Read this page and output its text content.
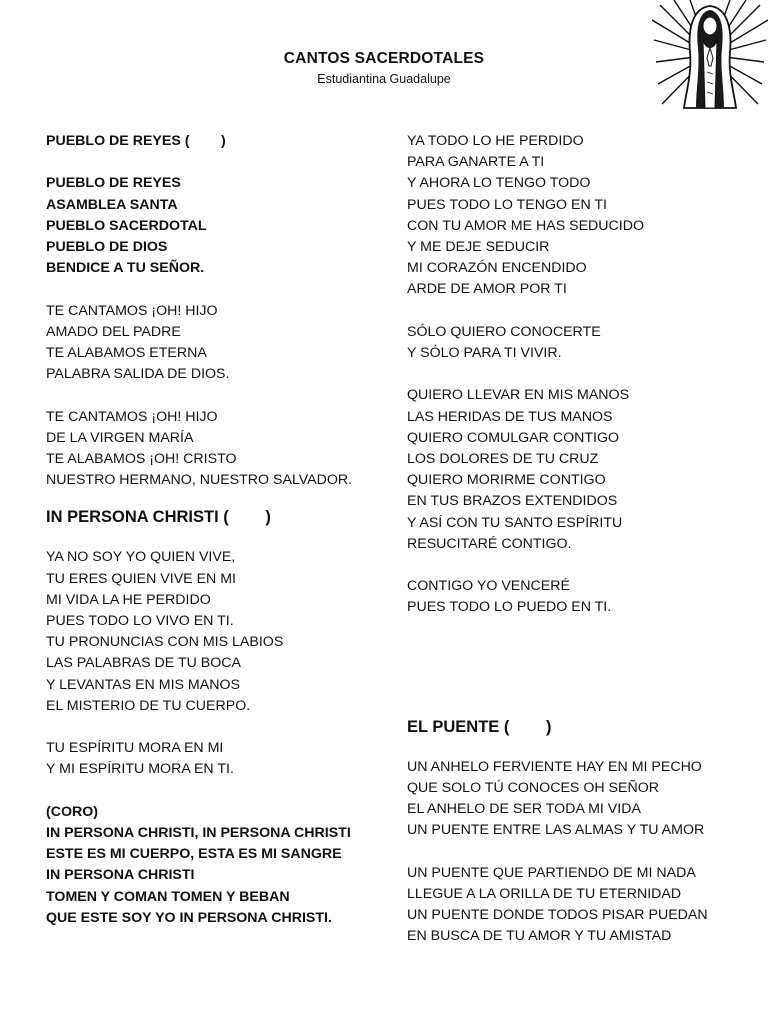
CANTOS SACERDOTALES
Estudiantina Guadalupe
PUEBLO DE REYES (        )
PUEBLO DE REYES
ASAMBLEA SANTA
PUEBLO SACERDOTAL
PUEBLO DE DIOS
BENDICE A TU SEÑOR.
TE CANTAMOS ¡OH! HIJO
AMADO DEL PADRE
TE ALABAMOS ETERNA
PALABRA SALIDA DE DIOS.
TE CANTAMOS ¡OH! HIJO
DE LA VIRGEN MARÍA
TE ALABAMOS ¡OH! CRISTO
NUESTRO HERMANO, NUESTRO SALVADOR.
IN PERSONA CHRISTI (        )
YA NO SOY YO QUIEN VIVE,
TU ERES QUIEN VIVE EN MI
MI VIDA LA HE PERDIDO
PUES TODO LO VIVO EN TI.
TU PRONUNCIAS CON MIS LABIOS
LAS PALABRAS DE TU BOCA
Y LEVANTAS EN MIS MANOS
EL MISTERIO DE TU CUERPO.
TU ESPÍRITU MORA EN MI
Y MI ESPÍRITU MORA EN TI.
(CORO)
IN PERSONA CHRISTI, IN PERSONA CHRISTI
ESTE ES MI CUERPO, ESTA ES MI SANGRE
IN PERSONA CHRISTI
TOMEN Y COMAN TOMEN Y BEBAN
QUE ESTE SOY YO IN PERSONA CHRISTI.
YA TODO LO HE PERDIDO
PARA GANARTE A TI
Y AHORA LO TENGO TODO
PUES TODO LO TENGO EN TI
CON TU AMOR ME HAS SEDUCIDO
Y ME DEJE SEDUCIR
MI CORAZÓN ENCENDIDO
ARDE DE AMOR POR TI
SÓLO QUIERO CONOCERTE
Y SÓLO PARA TI VIVIR.
QUIERO LLEVAR EN MIS MANOS
LAS HERIDAS DE TUS MANOS
QUIERO COMULGAR CONTIGO
LOS DOLORES DE TU CRUZ
QUIERO MORIRME CONTIGO
EN TUS BRAZOS EXTENDIDOS
Y ASÍ CON TU SANTO ESPÍRITU
RESUCITARÉ CONTIGO.
CONTIGO YO VENCERÉ
PUES TODO LO PUEDO EN TI.
EL PUENTE (        )
UN ANHELO FERVIENTE HAY EN MI PECHO
QUE SOLO TÚ CONOCES OH SEÑOR
EL ANHELO DE SER TODA MI VIDA
UN PUENTE ENTRE LAS ALMAS Y TU AMOR
UN PUENTE QUE PARTIENDO DE MI NADA
LLEGUE A LA ORILLA DE TU ETERNIDAD
UN PUENTE DONDE TODOS PISAR PUEDAN
EN BUSCA DE TU AMOR Y TU AMISTAD
